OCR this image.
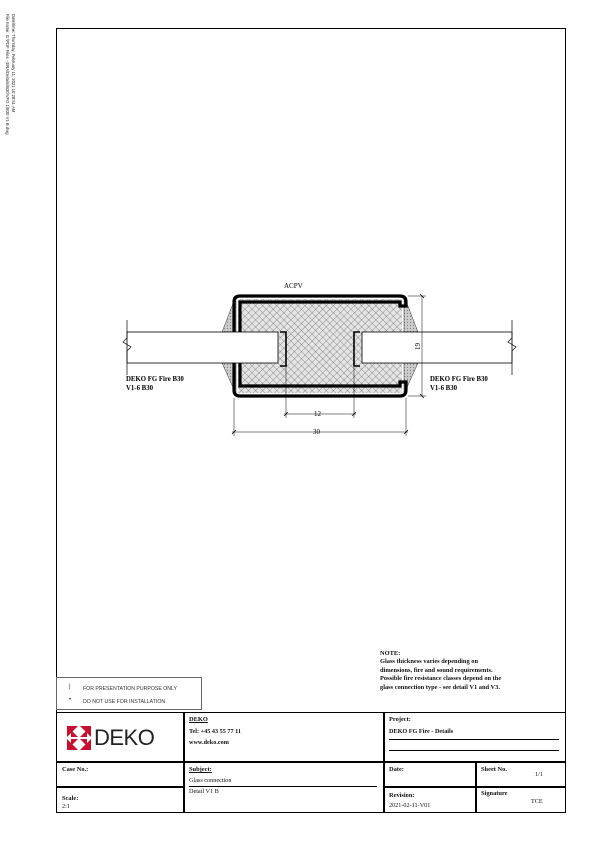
Date/time: Thursday, February 11, 2021 10:28:51 AM
File name: G:\PDF Files - ERA\Details\B30\VFG 1\B30 V1 B.dwg
ACPV
DEKO FG Fire B30
V1-6 B30
DEKO FG Fire B30
V1-6 B30
12
30
19
NOTE:
Glass thickness varies depending on
dimensions, fire and sound requirements.
Possible fire resistance classes depend on the
glass connection type - see detail V1 and V3.
| FOR PRESENTATION PURPOSE ONLY
• DO NOT USE FOR INSTALLATION
DEKO
DEKO
Tel: +45 43 55 77 11
www.deko.com
Project:
DEKO FG Fire - Details
Case No.:	Subject:
Glass connection
Detail V1 B
Date:	Sheet No.
1/1
Scale:
2:1
Revision:
2021-02-11-V01
Signature
TCE
